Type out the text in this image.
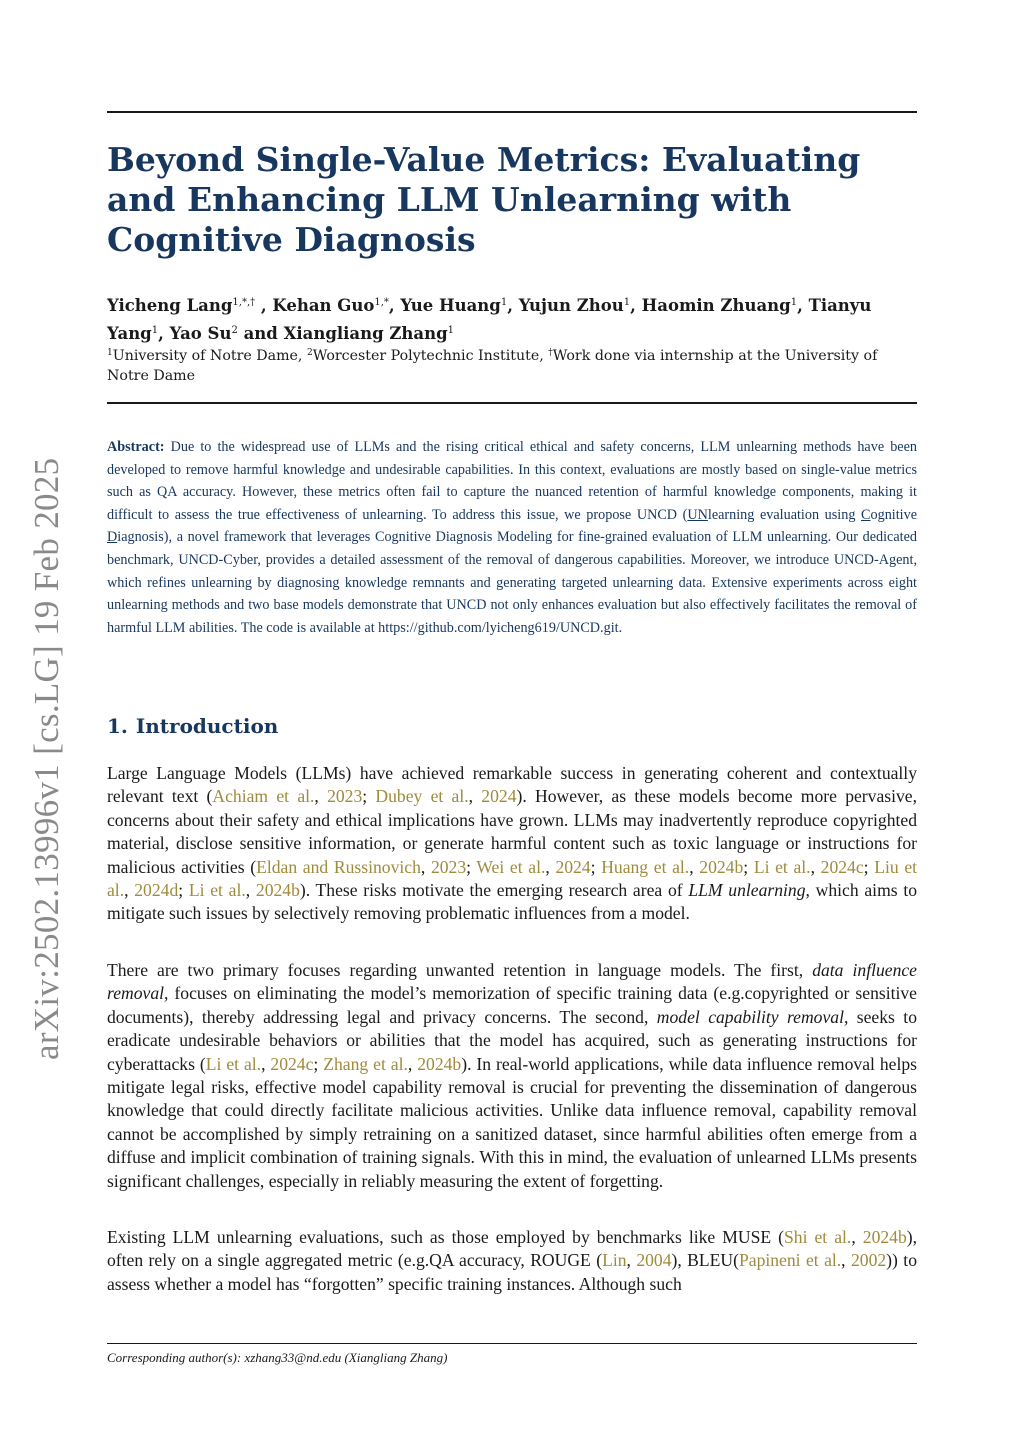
arXiv:2502.13996v1 [cs.LG] 19 Feb 2025
Beyond Single-Value Metrics: Evaluating and Enhancing LLM Unlearning with Cognitive Diagnosis
Yicheng Lang$^{1,*,\dagger}$ , Kehan Guo$^{1,*}$, Yue Huang$^1$, Yujun Zhou$^1$, Haomin Zhuang$^1$, Tianyu Yang$^1$, Yao Su$^2$ and Xiangliang Zhang$^1$
$^1$University of Notre Dame, $^2$Worcester Polytechnic Institute, †Work done via internship at the University of Notre Dame
Abstract: Due to the widespread use of LLMs and the rising critical ethical and safety concerns, LLM unlearning methods have been developed to remove harmful knowledge and undesirable capabilities. In this context, evaluations are mostly based on single-value metrics such as QA accuracy. However, these metrics often fail to capture the nuanced retention of harmful knowledge components, making it difficult to assess the true effectiveness of unlearning. To address this issue, we propose UNCD (UNlearning evaluation using Cognitive Diagnosis), a novel framework that leverages Cognitive Diagnosis Modeling for fine-grained evaluation of LLM unlearning. Our dedicated benchmark, UNCD-Cyber, provides a detailed assessment of the removal of dangerous capabilities. Moreover, we introduce UNCD-Agent, which refines unlearning by diagnosing knowledge remnants and generating targeted unlearning data. Extensive experiments across eight unlearning methods and two base models demonstrate that UNCD not only enhances evaluation but also effectively facilitates the removal of harmful LLM abilities. The code is available at https://github.com/lyicheng619/UNCD.git.
1. Introduction

Large Language Models (LLMs) have achieved remarkable success in generating coherent and contextually relevant text (Achiam et al., 2023; Dubey et al., 2024). However, as these models become more pervasive, concerns about their safety and ethical implications have grown. LLMs may inadvertently reproduce copyrighted material, disclose sensitive information, or generate harmful content such as toxic language or instructions for malicious activities (Eldan and Russinovich, 2023; Wei et al., 2024; Huang et al., 2024b; Li et al., 2024c; Liu et al., 2024d; Li et al., 2024b). These risks motivate the emerging research area of LLM unlearning, which aims to mitigate such issues by selectively removing problematic influences from a model.

There are two primary focuses regarding unwanted retention in language models. The first, data influence removal, focuses on eliminating the model’s memorization of specific training data (e.g.copyrighted or sensitive documents), thereby addressing legal and privacy concerns. The second, model capability removal, seeks to eradicate undesirable behaviors or abilities that the model has acquired, such as generating instructions for cyberattacks (Li et al., 2024c; Zhang et al., 2024b). In real-world applications, while data influence removal helps mitigate legal risks, effective model capability removal is crucial for preventing the dissemination of dangerous knowledge that could directly facilitate malicious activities. Unlike data influence removal, capability removal cannot be accomplished by simply retraining on a sanitized dataset, since harmful abilities often emerge from a diffuse and implicit combination of training signals. With this in mind, the evaluation of unlearned LLMs presents significant challenges, especially in reliably measuring the extent of forgetting.

Existing LLM unlearning evaluations, such as those employed by benchmarks like MUSE (Shi et al., 2024b), often rely on a single aggregated metric (e.g.QA accuracy, ROUGE (Lin, 2004), BLEU(Papineni et al., 2002)) to assess whether a model has “forgotten” specific training instances. Although such

Corresponding author(s): xzhang33@nd.edu (Xiangliang Zhang)
